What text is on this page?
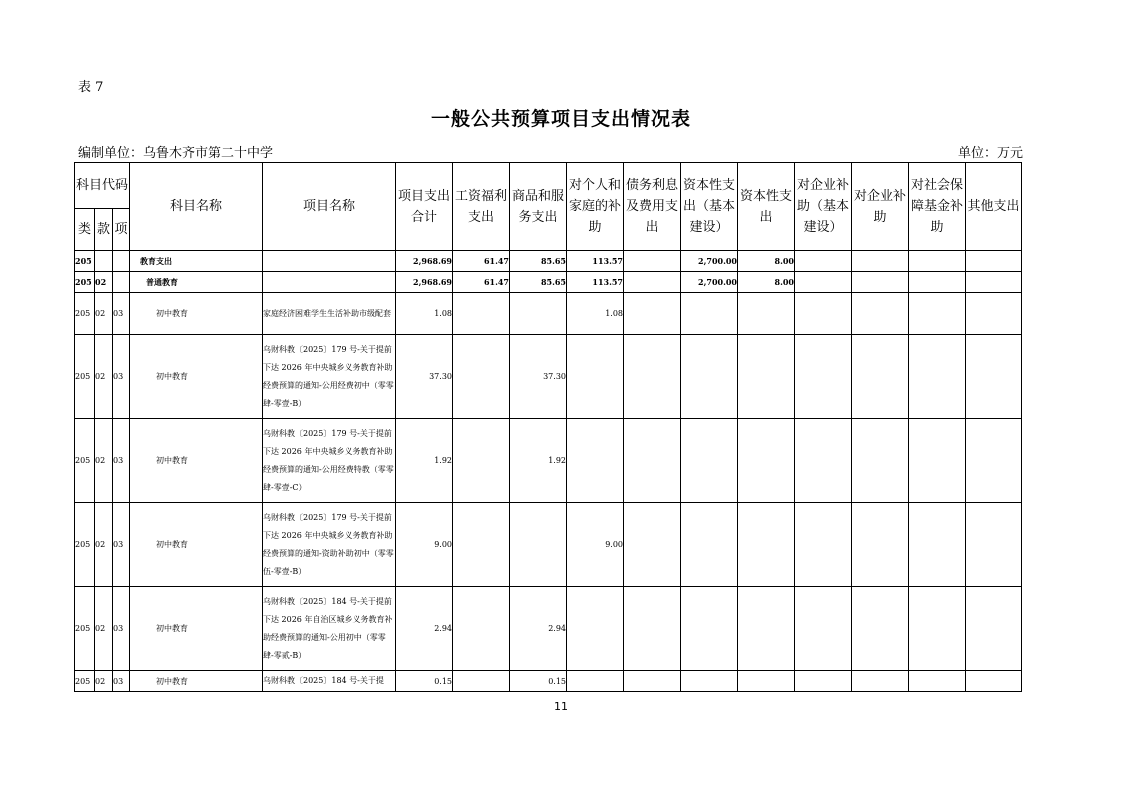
表 7
一般公共预算项目支出情况表
编制单位：乌鲁木齐市第二十中学	单位：万元
科目代码			科目名称	项目名称	项目支出合计	工资福利支出	商品和服务支出	对个人和家庭的补助	债务利息及费用支出	资本性支出（基本建设）	资本性支出	对企业补助（基本建设）	对企业补助	对社会保障基金补助	其他支出
类	款	项													
205			教育支出		2,968.69	61.47	85.65	113.57		2,700.00	8.00				
205	02		普通教育		2,968.69	61.47	85.65	113.57		2,700.00	8.00				
205	02	03	初中教育	家庭经济困难学生生活补助市级配套	1.08			1.08							
205	02	03	初中教育	乌财科教〔2025〕179 号-关于提前下达 2026 年中央城乡义务教育补助经费预算的通知-公用经费初中（零零肆-零壹-B）	37.30		37.30								
205	02	03	初中教育	乌财科教〔2025〕179 号-关于提前下达 2026 年中央城乡义务教育补助经费预算的通知-公用经费特教（零零肆-零壹-C）	1.92		1.92								
205	02	03	初中教育	乌财科教〔2025〕179 号-关于提前下达 2026 年中央城乡义务教育补助经费预算的通知-资助补助初中（零零伍-零壹-B）	9.00			9.00							
205	02	03	初中教育	乌财科教〔2025〕184 号-关于提前下达 2026 年自治区城乡义务教育补助经费预算的通知-公用初中（零零肆-零贰-B）	2.94		2.94								
205	02	03	初中教育	乌财科教〔2025〕184 号-关于提	0.15		0.15								
11
